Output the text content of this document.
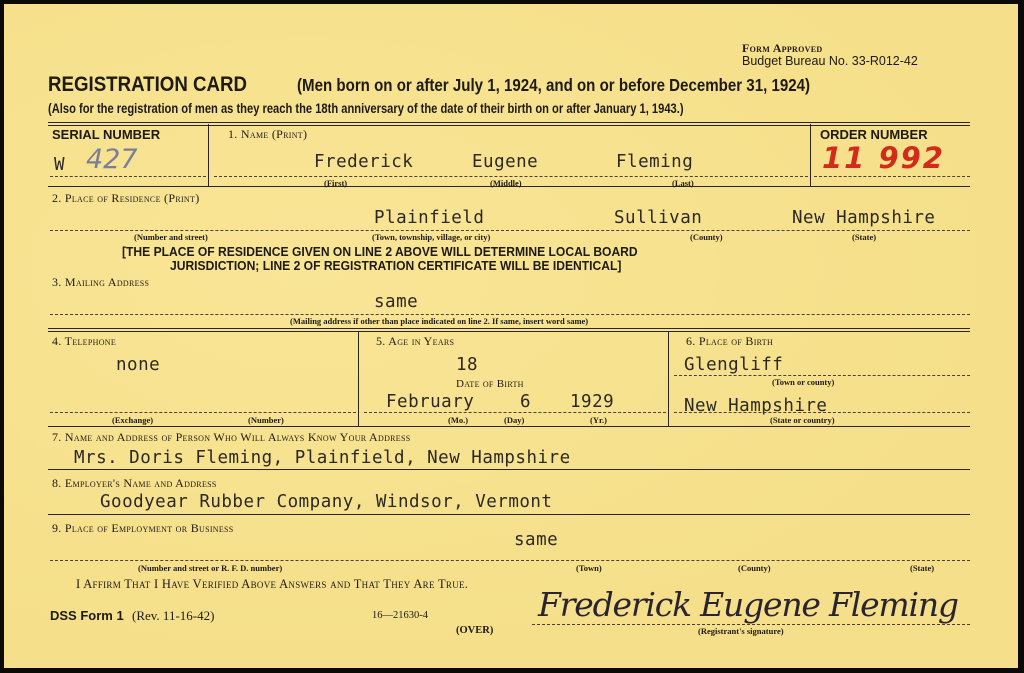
Form Approved
Budget Bureau No. 33-R012-42
REGISTRATION CARD	(Men born on or after July 1, 1924, and on or before December 31, 1924)
(Also for the registration of men as they reach the 18th anniversary of the date of their birth on or after January 1, 1943.)
SERIAL NUMBER
W 427
1. Name (Print)
Frederick	Eugene	Fleming
(First)	(Middle)	(Last)
ORDER NUMBER
11 992
2. Place of Residence (Print)
Plainfield	Sullivan	New Hampshire
(Number and street)	(Town, township, village, or city)	(County)	(State)
[THE PLACE OF RESIDENCE GIVEN ON LINE 2 ABOVE WILL DETERMINE LOCAL BOARD
JURISDICTION; LINE 2 OF REGISTRATION CERTIFICATE WILL BE IDENTICAL]
3. Mailing Address
same
(Mailing address if other than place indicated on line 2. If same, insert word same)
4. Telephone
none
(Exchange)	(Number)
5. Age in Years
18
Date of Birth
February	6 1929
(Mo.)	(Day)	(Yr.)
6. Place of Birth
Glengliff
(Town or county)
New Hampshire
(State or country)
7. Name and Address of Person Who Will Always Know Your Address
Mrs. Doris Fleming, Plainfield, New Hampshire
8. Employer's Name and Address
Goodyear Rubber Company, Windsor, Vermont
9. Place of Employment or Business
same
(Number and street or R. F. D. number)	(Town)	(County)	(State)
I Affirm That I Have Verified Above Answers and That They Are True.
DSS Form 1 (Rev. 11-16-42)	16—21630-4
(OVER)
Frederick Eugene Fleming
(Registrant's signature)
